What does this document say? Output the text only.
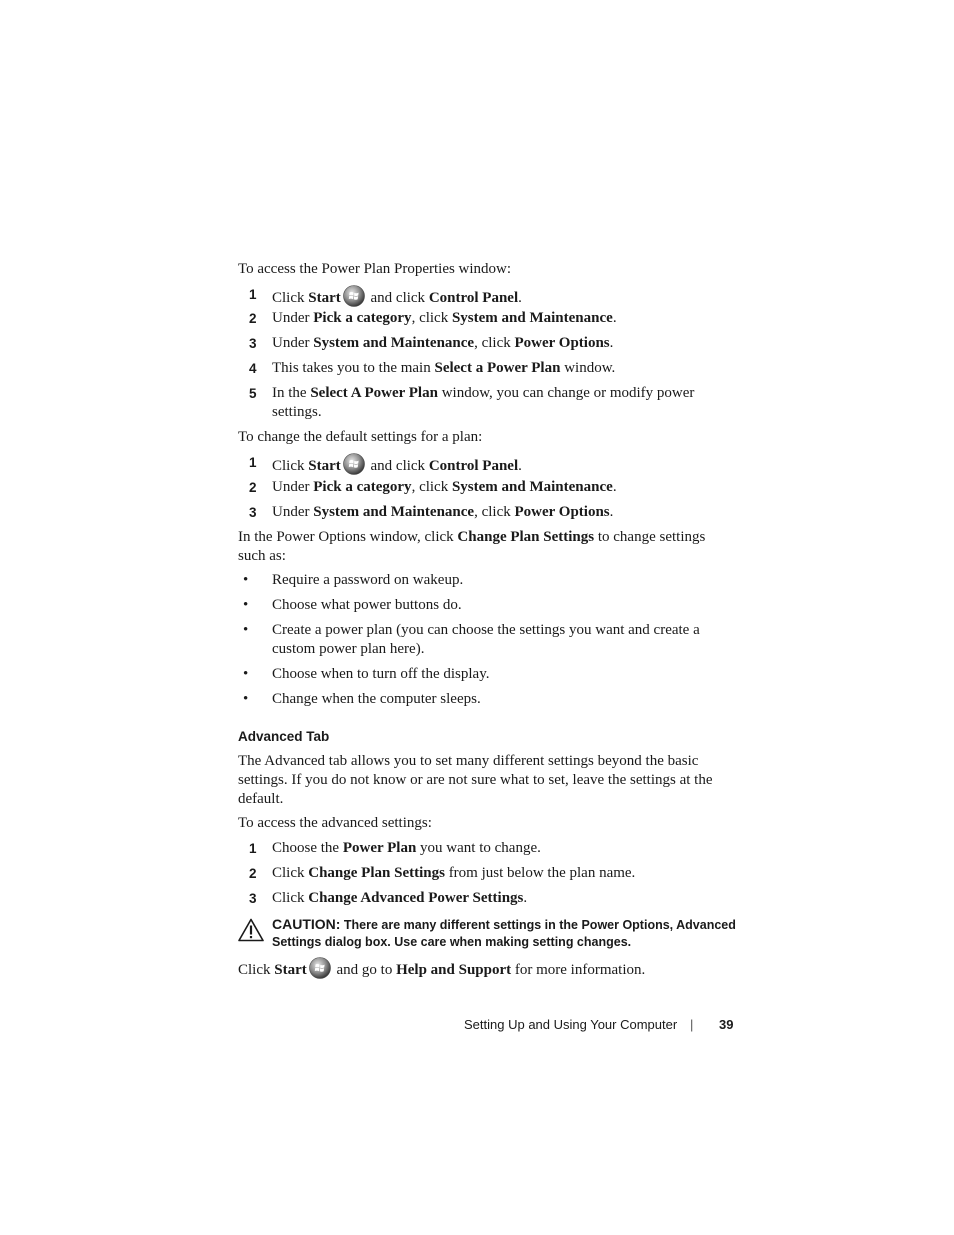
To access the Power Plan Properties window:
1 Click Start and click Control Panel.
2 Under Pick a category, click System and Maintenance.
3 Under System and Maintenance, click Power Options.
4 This takes you to the main Select a Power Plan window.
5 In the Select A Power Plan window, you can change or modify power settings.
To change the default settings for a plan:
1 Click Start and click Control Panel.
2 Under Pick a category, click System and Maintenance.
3 Under System and Maintenance, click Power Options.
In the Power Options window, click Change Plan Settings to change settings such as:
• Require a password on wakeup.
• Choose what power buttons do.
• Create a power plan (you can choose the settings you want and create a custom power plan here).
• Choose when to turn off the display.
• Change when the computer sleeps.
Advanced Tab
The Advanced tab allows you to set many different settings beyond the basic settings. If you do not know or are not sure what to set, leave the settings at the default.
To access the advanced settings:
1 Choose the Power Plan you want to change.
2 Click Change Plan Settings from just below the plan name.
3 Click Change Advanced Power Settings.
CAUTION: There are many different settings in the Power Options, Advanced Settings dialog box. Use care when making setting changes.
Click Start and go to Help and Support for more information.
Setting Up and Using Your Computer | 39
